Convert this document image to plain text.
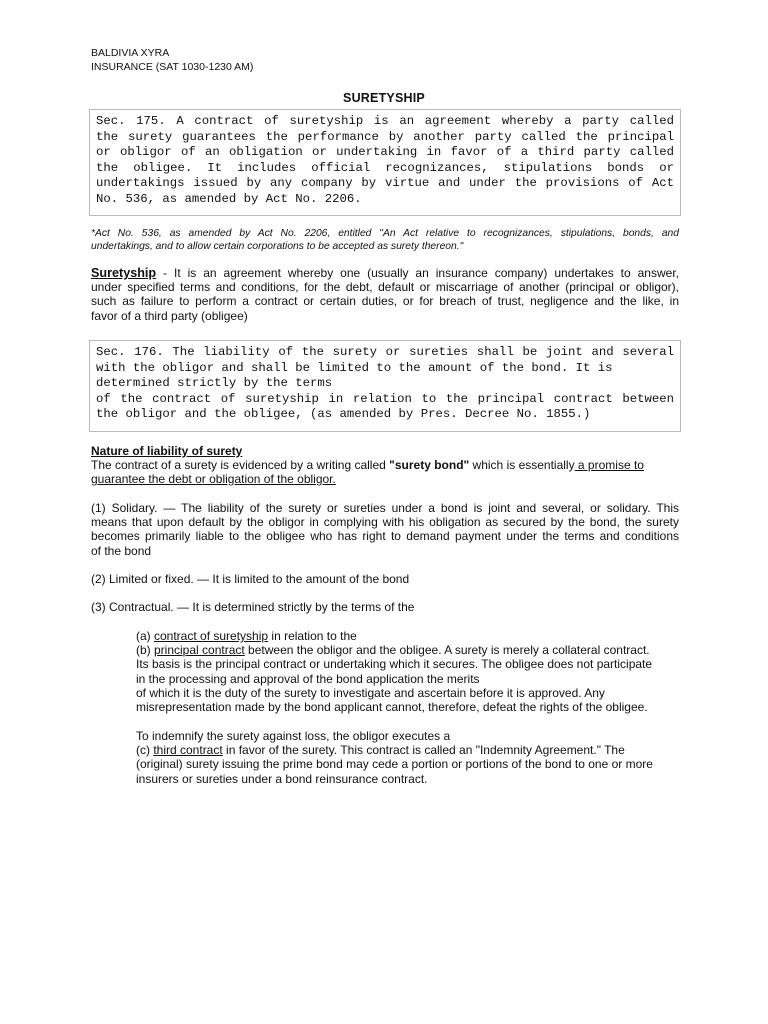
BALDIVIA XYRA
INSURANCE (SAT 1030-1230 AM)
SURETYSHIP
Sec. 175. A contract of suretyship is an agreement whereby a party called
the surety guarantees the performance by another party called the principal
or obligor of an obligation or undertaking in favor of a third party called
the obligee. It includes official recognizances, stipulations bonds or
undertakings issued by any company by virtue and under the provisions of Act
No. 536, as amended by Act No. 2206.
*Act No. 536, as amended by Act No. 2206, entitled "An Act relative to recognizances, stipulations, bonds, and
undertakings, and to allow certain corporations to be accepted as surety thereon."
Suretyship - It is an agreement whereby one (usually an insurance company) undertakes to answer,
under specified terms and conditions, for the debt, default or miscarriage of another (principal or obligor),
such as failure to perform a contract or certain duties, or for breach of trust, negligence and the like, in
favor of a third party (obligee)
Sec. 176. The liability of the surety or sureties shall be joint and several
with the obligor and shall be limited to the amount of the bond. It is
determined strictly by the terms
of the contract of suretyship in relation to the principal contract between
the obligor and the obligee, (as amended by Pres. Decree No. 1855.)
Nature of liability of surety
The contract of a surety is evidenced by a writing called "surety bond" which is essentially a promise to
guarantee the debt or obligation of the obligor.
(1) Solidary. — The liability of the surety or sureties under a bond is joint and several, or solidary. This
means that upon default by the obligor in complying with his obligation as secured by the bond, the surety
becomes primarily liable to the obligee who has right to demand payment under the terms and conditions
of the bond
(2) Limited or fixed. — It is limited to the amount of the bond
(3) Contractual. — It is determined strictly by the terms of the
(a) contract of suretyship in relation to the
(b) principal contract between the obligor and the obligee. A surety is merely a collateral contract.
Its basis is the principal contract or undertaking which it secures. The obligee does not participate
in the processing and approval of the bond application the merits
of which it is the duty of the surety to investigate and ascertain before it is approved. Any
misrepresentation made by the bond applicant cannot, therefore, defeat the rights of the obligee.
To indemnify the surety against loss, the obligor executes a
(c) third contract in favor of the surety. This contract is called an "Indemnity Agreement." The
(original) surety issuing the prime bond may cede a portion or portions of the bond to one or more
insurers or sureties under a bond reinsurance contract.
